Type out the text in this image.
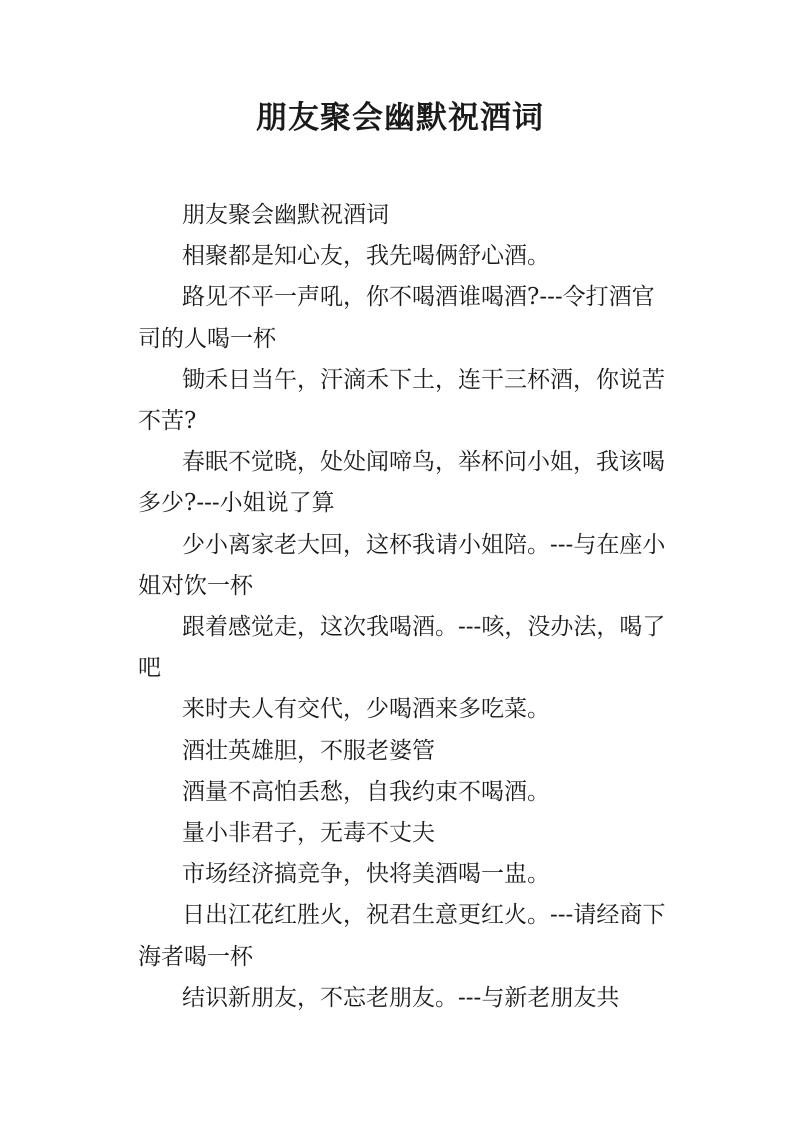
朋友聚会幽默祝酒词

朋友聚会幽默祝酒词

相聚都是知心友，我先喝俩舒心酒。

路见不平一声吼，你不喝酒谁喝酒?---令打酒官司的人喝一杯

锄禾日当午，汗滴禾下土，连干三杯酒，你说苦不苦?

春眠不觉晓，处处闻啼鸟，举杯问小姐，我该喝多少?---小姐说了算

少小离家老大回，这杯我请小姐陪。---与在座小姐对饮一杯

跟着感觉走，这次我喝酒。---咳，没办法，喝了吧

来时夫人有交代，少喝酒来多吃菜。

酒壮英雄胆，不服老婆管

酒量不高怕丢愁，自我约束不喝酒。

量小非君子，无毒不丈夫

市场经济搞竞争，快将美酒喝一盅。

日出江花红胜火，祝君生意更红火。---请经商下海者喝一杯

结识新朋友，不忘老朋友。---与新老朋友共
